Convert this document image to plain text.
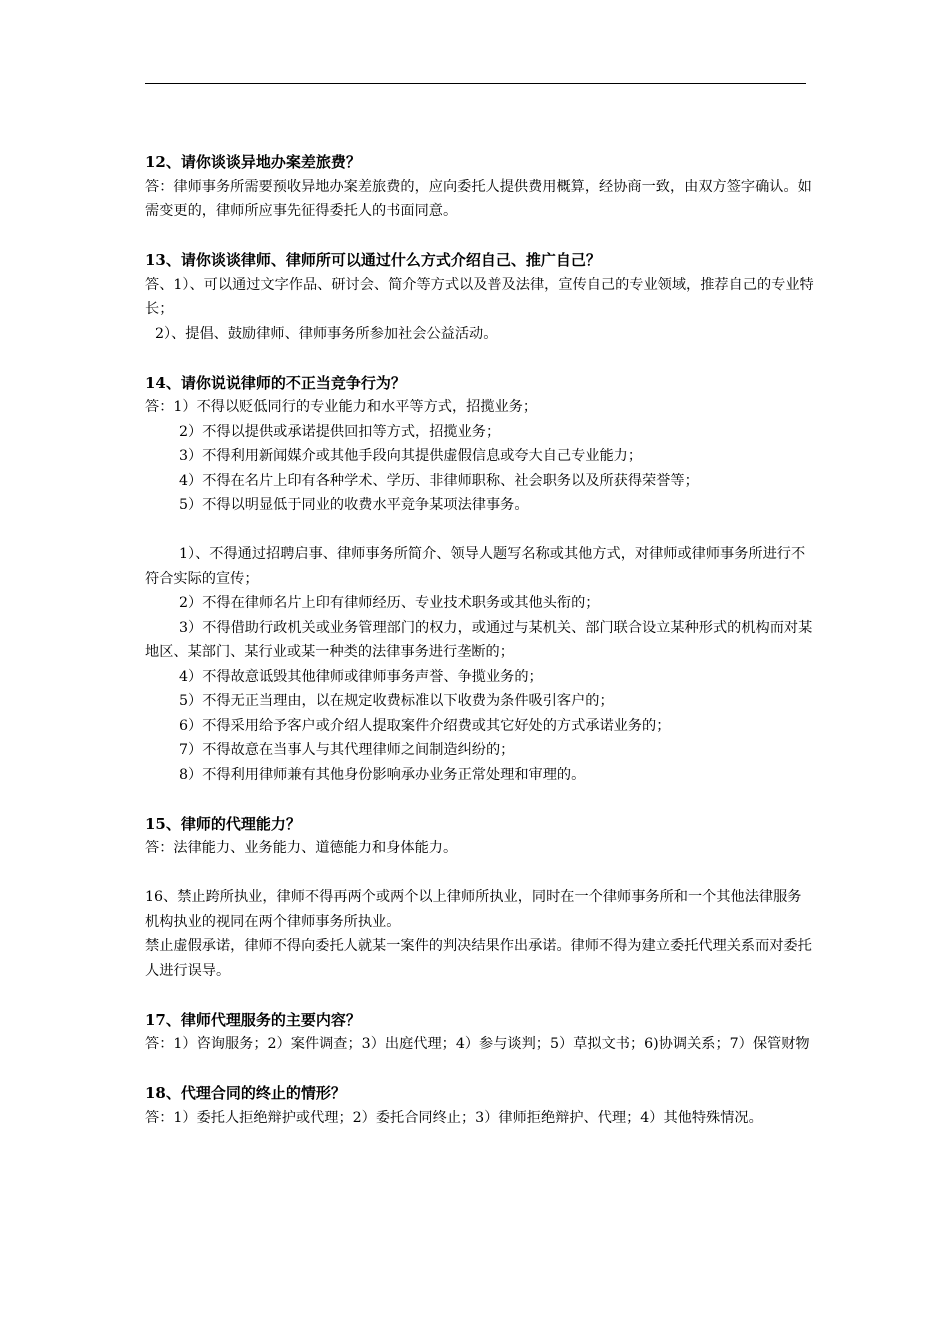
12、请你谈谈异地办案差旅费？

答：律师事务所需要预收异地办案差旅费的，应向委托人提供费用概算，经协商一致，由双方签字确认。如需变更的，律师所应事先征得委托人的书面同意。

13、请你谈谈律师、律师所可以通过什么方式介绍自己、推广自己？

答、1）、可以通过文字作品、研讨会、简介等方式以及普及法律，宣传自己的专业领域，推荐自己的专业特长；

2）、提倡、鼓励律师、律师事务所参加社会公益活动。

14、请你说说律师的不正当竞争行为？

答：1）不得以贬低同行的专业能力和水平等方式，招揽业务；

2）不得以提供或承诺提供回扣等方式，招揽业务；

3）不得利用新闻媒介或其他手段向其提供虚假信息或夸大自己专业能力；

4）不得在名片上印有各种学术、学历、非律师职称、社会职务以及所获得荣誉等；

5）不得以明显低于同业的收费水平竞争某项法律事务。

1）、不得通过招聘启事、律师事务所简介、领导人题写名称或其他方式，对律师或律师事务所进行不符合实际的宣传；

2）不得在律师名片上印有律师经历、专业技术职务或其他头衔的；

3）不得借助行政机关或业务管理部门的权力，或通过与某机关、部门联合设立某种形式的机构而对某地区、某部门、某行业或某一种类的法律事务进行垄断的；

4）不得故意诋毁其他律师或律师事务声誉、争揽业务的；

5）不得无正当理由，以在规定收费标准以下收费为条件吸引客户的；

6）不得采用给予客户或介绍人提取案件介绍费或其它好处的方式承诺业务的；

7）不得故意在当事人与其代理律师之间制造纠纷的；

8）不得利用律师兼有其他身份影响承办业务正常处理和审理的。

15、律师的代理能力？

答：法律能力、业务能力、道德能力和身体能力。

16、禁止跨所执业，律师不得再两个或两个以上律师所执业，同时在一个律师事务所和一个其他法律服务机构执业的视同在两个律师事务所执业。

禁止虚假承诺，律师不得向委托人就某一案件的判决结果作出承诺。律师不得为建立委托代理关系而对委托人进行误导。

17、律师代理服务的主要内容？

答：1）咨询服务；2）案件调查；3）出庭代理；4）参与谈判；5）草拟文书；6)协调关系；7）保管财物

18、代理合同的终止的情形？

答：1）委托人拒绝辩护或代理；2）委托合同终止；3）律师拒绝辩护、代理；4）其他特殊情况。
